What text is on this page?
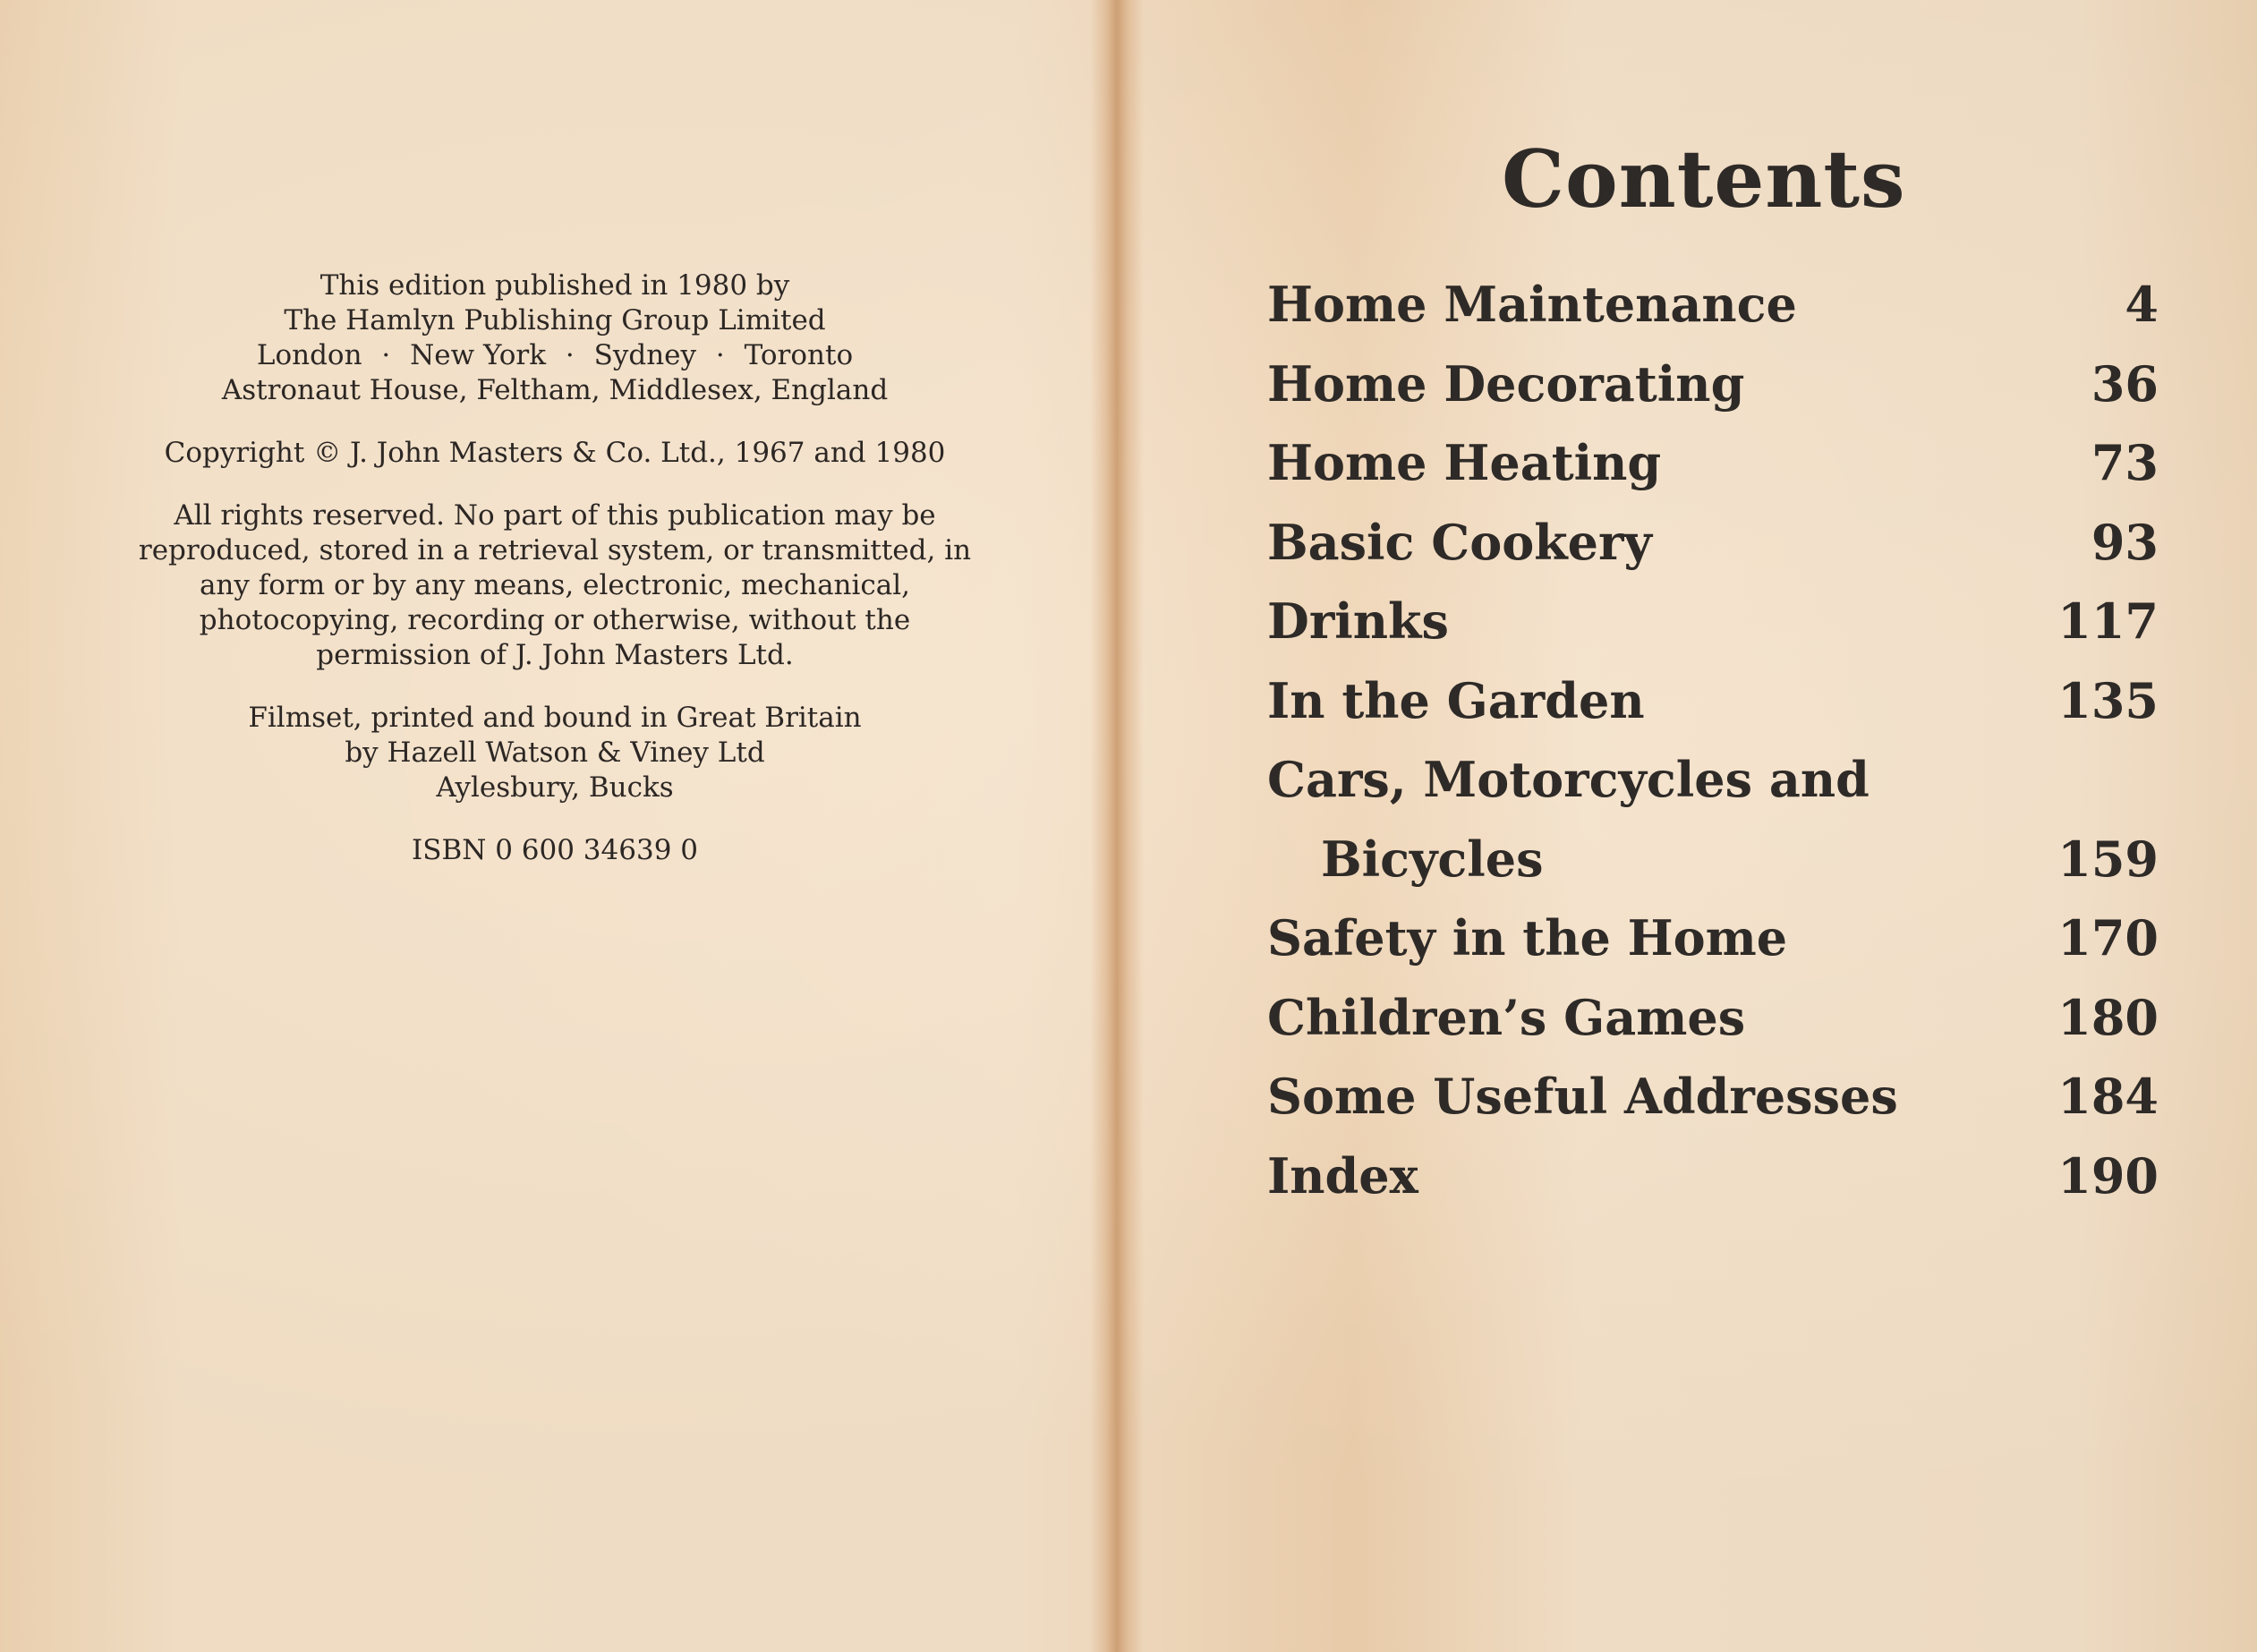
This edition published in 1980 by
The Hamlyn Publishing Group Limited
London · New York · Sydney · Toronto
Astronaut House, Feltham, Middlesex, England
Copyright © J. John Masters & Co. Ltd., 1967 and 1980
All rights reserved. No part of this publication may be
reproduced, stored in a retrieval system, or transmitted, in
any form or by any means, electronic, mechanical,
photocopying, recording or otherwise, without the
permission of J. John Masters Ltd.
Filmset, printed and bound in Great Britain
by Hazell Watson & Viney Ltd
Aylesbury, Bucks
ISBN 0 600 34639 0
Contents
Home Maintenance	4
Home Decorating	36
Home Heating	73
Basic Cookery	93
Drinks	117
In the Garden	135
Cars, Motorcycles and
Bicycles	159
Safety in the Home	170
Children’s Games	180
Some Useful Addresses	184
Index	190
